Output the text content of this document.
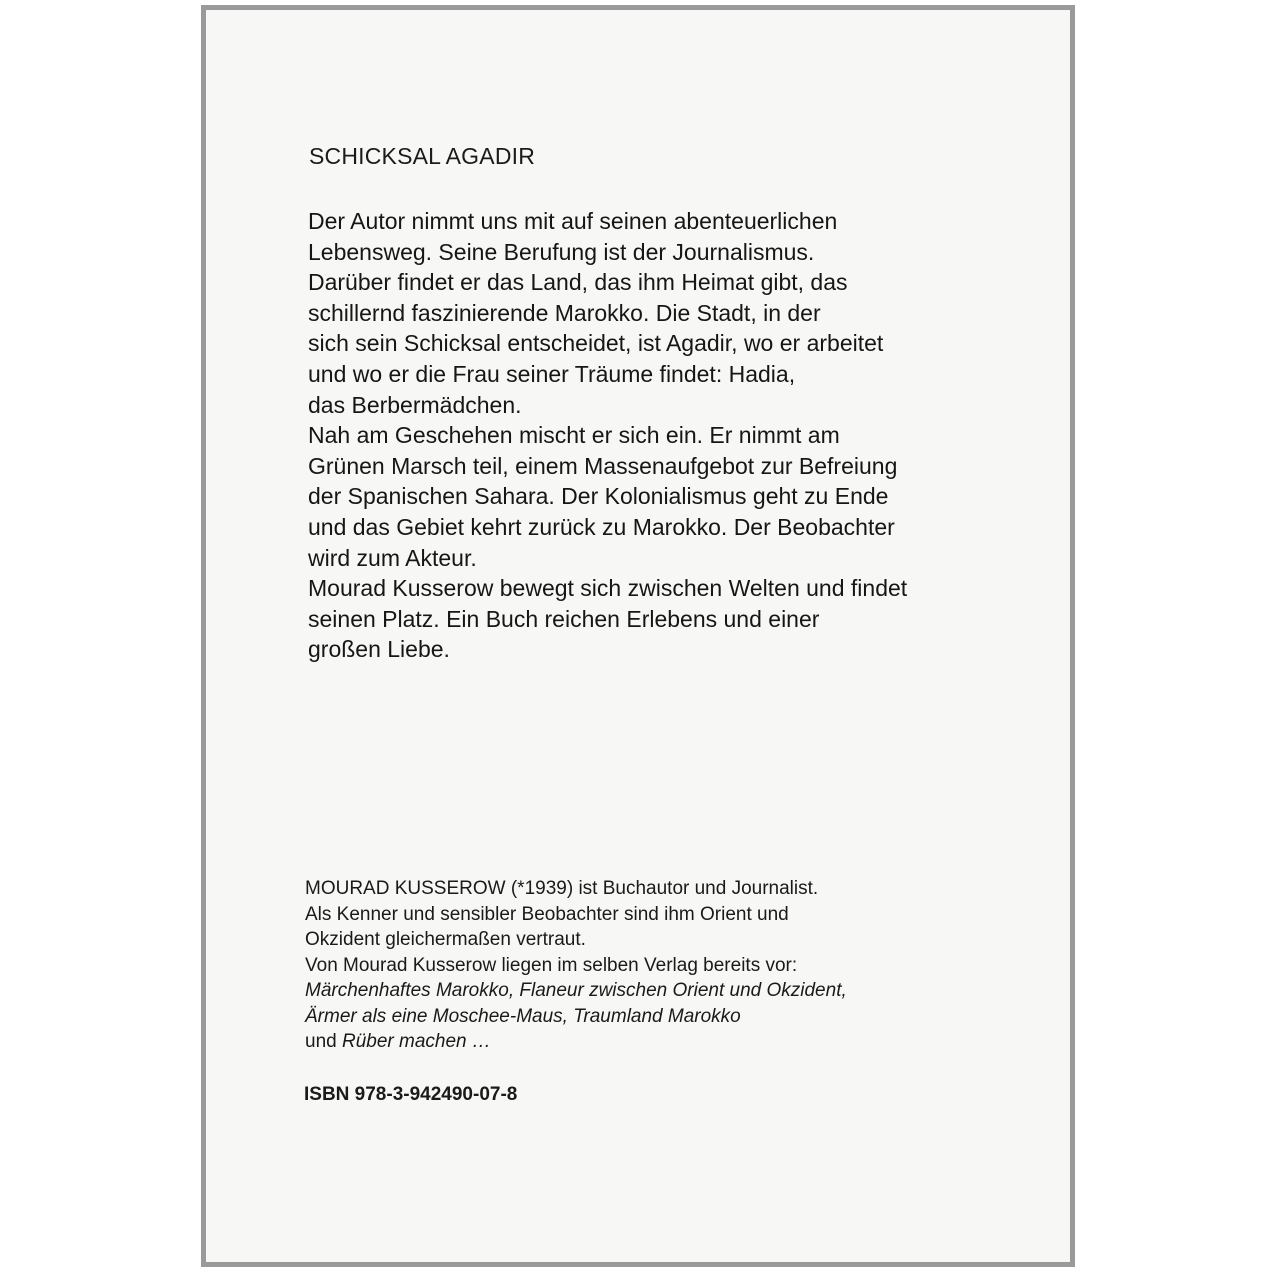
SCHICKSAL AGADIR
Der Autor nimmt uns mit auf seinen abenteuerlichen
Lebensweg. Seine Berufung ist der Journalismus.
Darüber findet er das Land, das ihm Heimat gibt, das
schillernd faszinierende Marokko. Die Stadt, in der
sich sein Schicksal entscheidet, ist Agadir, wo er arbeitet
und wo er die Frau seiner Träume findet: Hadia,
das Berbermädchen.
Nah am Geschehen mischt er sich ein. Er nimmt am
Grünen Marsch teil, einem Massenaufgebot zur Befreiung
der Spanischen Sahara. Der Kolonialismus geht zu Ende
und das Gebiet kehrt zurück zu Marokko. Der Beobachter
wird zum Akteur.
Mourad Kusserow bewegt sich zwischen Welten und findet
seinen Platz. Ein Buch reichen Erlebens und einer
großen Liebe.
MOURAD KUSSEROW (*1939) ist Buchautor und Journalist.
Als Kenner und sensibler Beobachter sind ihm Orient und
Okzident gleichermaßen vertraut.
Von Mourad Kusserow liegen im selben Verlag bereits vor:
Märchenhaftes Marokko, Flaneur zwischen Orient und Okzident,
Ärmer als eine Moschee-Maus, Traumland Marokko
und Rüber machen …

ISBN 978-3-942490-07-8
